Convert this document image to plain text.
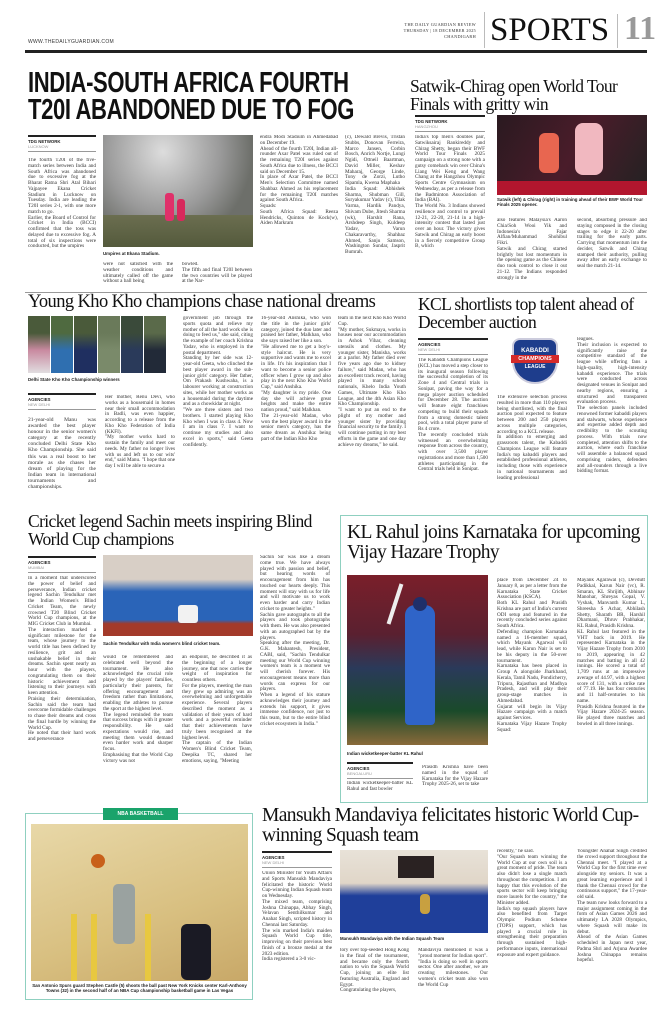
WWW.THEDAILYGUARDIAN.COM
THE DAILY GUARDIAN REVIEW
THURSDAY | 18 DECEMBER 2025
CHANDIGARH SPORTS 11
INDIA-SOUTH AFRICA FOURTH T20I ABANDONED DUE TO FOG
TDG NETWORK
LUCKNOW
The fourth T20I of the five-match series between India and South Africa was abandoned due to excessive fog at the Bharat Ratna Shri Atal Bihari Vajpayee Ekana Cricket Stadium in Lucknow on Tuesday. India are leading the T20I series 2-1, with one more match to go.
Earlier, the Board of Control for Cricket in India (BCCI) confirmed that the toss was delayed due to excessive fog. A total of six inspections were conducted, but the umpires
Umpires at Ekana Stadium.
were not satisfied with the weather conditions and ultimately called off the game without a ball being
bowled.
The fifth and final T20I between the two countries will be played at the Nar-
endra Modi Stadium in Ahmedabad on December 19.
Ahead of the fourth T20I, Indian all-rounder Axar Patel was ruled out of the remaining T20I series against South Africa due to illness, the BCCI said on December 15.
In place of Axar Patel, the BCCI Men's Selection Committee named Shahbaz Ahmed as his replacement for the remaining T20I matches against South Africa.
Squads:
South Africa Squad: Reeza Hendricks, Quinton de Kock(w), Aiden Markram
(c), Dewald Brevis, Tristan Stubbs, Donovan Ferreira, Marco Jansen, Corbin Bosch, Anrich Nortje, Lungi Ngidi, Ottneil Baartman, David Miller, Keshav Maharaj, George Linde, Tony de Zorzi, Lutho Sipamla, Kwena Maphaka
India Squad: Abhishek Sharma, Shubman Gill, Suryakumar Yadav (c), Tilak Varma, Hardik Pandya, Shivam Dube, Jitesh Sharma (wk), Harshit Rana, Arshdeep Singh, Kuldeep Yadav, Varun Chakaravarthy, Shahbaz Ahmed, Sanju Samson, Washington Sundar, Jasprit Bumrah.
Satwik-Chirag open World Tour Finals with gritty win
TDG NETWORK
HANGZHOU
India's top men's doubles pair, Satwiksairaj Rankireddy and Chirag Shetty, began their BWF World Tour Finals 2025 campaign on a strong note with a gutsy comeback win over China's Liang Wei Keng and Wang Chang at the Hangzhou Olympic Sports Centre Gymnasium on Wednesday, as per a release from the Badminton Association of India (BAI).
The World No. 3 Indians showed resilience and control to prevail 12-21, 22-20, 21-14 in a high-intensity contest that lasted just over an hour. The victory gives Satwik and Chirag an early boost in a fiercely competitive Group B, which
Satwik (left) & Chirag (right) in training ahead of their BWF World Tour Finals 2025 opener.
also features Malaysia's Aaron Chia/Soh Wooi Yik and Indonesia's Fajar Alfian/Muhammad Shohibul Fikri.
Satwik and Chirag started brightly but lost momentum in the opening game as the Chinese duo took control to close it out 21-12. The Indians responded strongly in the
second, absorbing pressure and staying composed in the closing stages to edge it 22-20 after trailing for the early parts. Carrying that momentum into the decider, Satwik and Chirag stamped their authority, pulling away after an early exchange to seal the match 21-14.
Young Kho Kho champions chase national dreams
Delhi State Kho Kho Championship winners
AGENCIES
NEW DELHI
21-year-old Manu was awarded the best player honour in the senior women's category at the recently concluded Delhi State Kho Kho Championship. She said this was a real boost to her morale as she chases her dream of playing for the Indian team in international tournaments and championships.
Her mother, Renu Devi, who works as a housemaid in homes near their small accommodation in Badli, was even happier, according to a release from the Kho Kho Federation of India (KKFI).
"My mother works hard to sustain the family and meet our needs. My father no longer lives with us and left us to our wits' end," said Manu. "I hope that one day I will be able to secure a
government job through the sports quota and relieve my mother of all the hard work she is doing to feed us," she said, citing the example of her coach Krishna Yadav, who is employed in the postal department.
Standing by her side was 12-year-old Geeta, who clinched the best player award in the sub-junior girls' category. Her father, Om Prakash Kushwaha, is a labourer working at construction sites, while her mother works as a housemaid during the daytime and as a chowkidar at night.
"We are three sisters and two brothers. I started playing Kho Kho when I was in class 4. Now I am in class 7. I want to continue my studies and also excel in sports," said Geeta confidently.
16-year-old Anshika, who won the title in the junior girls' category, joined the duo later and praised her father, Malkhan, who she says raised her like a son.
"He allowed me to get a boy's-style haircut. He is very supportive and wants me to excel in life. It's his inspiration that I want to become a senior police officer when I grow up and also play in the next Kho Kho World Cup," said Anshika.
"My daughter is my pride. One day she will achieve great heights and make the entire nation proud," said Malkhan.
The 21-year-old Madan, who won the best player award in the senior men's category, has the same dream as Anshika: being part of the Indian Kho Kho
team in the next Kho Kho World Cup.
"My mother, Sukmaya, works in houses near our accommodation in Ashok Vihar, cleaning utensils and clothes. My younger sister, Manisha, works at a parlor. My father died over five years ago due to kidney failure," said Madan, who has an excellent track record, having played in many school nationals, Khelo India Youth Games, Ultimate Kho Kho League, and the 4th Asian Kho Kho Championship.
"I want to put an end to the plight of my mother and younger sister by providing financial security to the family. I will continue putting in my best efforts in the game and one day achieve my dreams," he said.
KCL shortlists top talent ahead of December auction
AGENCIES
NEW DELHI
The Kabaddi Champions League (KCL) has moved a step closer to its inaugural season following the successful completion of its Zone 4 and Central trials in Sonipat, paving the way for a mega player auction scheduled for December 28. The auction will feature eight franchises competing to build their squads from a strong domestic talent pool, with a total player purse of Rs 4 crore.
The recently concluded trials witnessed an overwhelming response from across the country, with over 3,500 player registrations and more than 1,500 athletes participating in the Central trials held in Sonipat.
KABADDI
CHAMPIONS
LEAGUE
The extensive selection process resulted in more than 110 players being shortlisted, with the final auction pool expected to feature between 200 and 250 players across multiple categories, according to a KCL release.
In addition to emerging and grassroots talent, the Kabaddi Champions League will feature India's top kabaddi players and established professional athletes, including those with experience in national tournaments and leading professional
leagues.
Their inclusion is expected to significantly raise the competitive standard of the league while offering fans a high-quality, high-intensity kabaddi experience. The trials were conducted across designated venues in Sonipat and nearby regions, ensuring a structured and transparent evaluation process.
The selection panels included renowned former kabaddi players and stalwarts, whose experience and expertise added depth and credibility to the scouting process. With trials now completed, attention shifts to the auction, where each franchise will assemble a balanced squad comprising raiders, defenders and all-rounders through a live bidding format.
Cricket legend Sachin meets inspiring Blind World Cup champions
AGENCIES
MUMBAI
In a moment that underscored the power of belief and perseverance, Indian cricket legend Sachin Tendulkar met the Indian Women's Blind Cricket Team, the newly crowned T20 Blind Cricket World Cup champions, at the MIG Cricket Club in Mumbai.
The interaction marked a significant milestone for the team, whose journey to the world title has been defined by resilience, grit and an unshakable belief in their dreams. Sachin spent nearly an hour with the players, congratulating them on their historic achievement and listening to their journeys with keen attention.
Praising their determination, Sachin said the team had overcome formidable challenges to chase their dreams and cross the final hurdle by winning the World Cup.
He noted that their hard work and perseverance
Sachin Tendulkar with India women's blind cricket team.
would be remembered and celebrated well beyond the tournament. He also acknowledged the crucial role played by the players' families, particularly their parents, for offering encouragement and freedom rather than limitations, enabling the athletes to pursue the sport at the highest level.
The legend reminded the team that success brings with it greater responsibility. He said expectations would rise, and meeting them would demand even harder work and sharper focus.
Emphasising that the World Cup victory was not
an endpoint, he described it as the beginning of a longer journey, one that now carries the weight of inspiration for countless others.
For the players, meeting the man they grew up admiring was an overwhelming and unforgettable experience. Several players described the moment as a validation of their years of hard work and a powerful reminder that their achievements have truly been recognised at the highest level.
The captain of the Indian Women's Blind Cricket Team, Deepika TC, shared her emotions, saying, "Meeting
Sachin Sir was like a dream come true. We have always played with passion and belief, but hearing words of encouragement from him has touched our hearts deeply. This moment will stay with us for life and will motivate us to work even harder and carry Indian cricket to greater heights."
Sachin gave autographs to all the players and took photographs with them. He was also presented with an autographed bat by the players.
Speaking after the meeting, Dr. G.K. Mahantesh, President, CABI, said, "Sachin Tendulkar meeting our World Cup winning women's team is a moment we will cherish forever. His encouragement means more than words can express for our players.
When a legend of his stature acknowledges their journey and extends his support, it gives immense confidence, not just to this team, but to the entire blind cricket ecosystem in India."
KL Rahul joins Karnataka for upcoming Vijay Hazare Trophy
Indian wicketkeeper-batter KL Rahul
AGENCIES
BENGALURU
Indian wicketkeeper-batter KL Rahul and fast bowler
Prasidh Krishna have been named in the squad of Karnataka for the Vijay Hazare Trophy 2025-26, set to take
place from December 24 to January 8, as per a letter from the Karnataka State Cricket Association (KSCA).
Both KL Rahul and Prasidh Krishna are part of India's current ODI setup and featured in the recently concluded series against South Africa.
Defending champion Karnataka named a 16-member squad, which Mayank Agarwal will lead, while Karun Nair is set to be his deputy in the 50-over tournament.
Karnataka has been placed in Group A alongside Jharkhand, Kerala, Tamil Nadu, Pondicherry, Tripura, Rajasthan and Madhya Pradesh, and will play their group-stage matches in Ahmedabad.
Gujarat will begin its Vijay Hazare campaign with a match against Services.
Karnataka Vijay Hazare Trophy Squad:
Mayank Agarawal (c), Devdutt Padikkal, Karun Nair (vc), R. Smaran, KL Shrijith, Abhinav Manohar, Shreyas Gopal, V. Vyshak, Manvanth Kumar L, Shreesha S Achar, Abhilash Shetty, Sharath BR, Harshil Dharmani, Dhruv Prabhakar, KL Rahul, Prasidh Krishna.
KL Rahul last featured in the VHT back in 2019. He represented Karnataka in the Vijay Hazare Trophy from 2010 to 2019, appearing in 42 matches and batting in all 42 innings. He scored a total of 1,709 runs at an impressive average of 44.97, with a highest score of 131, with a strike rate of 77.19. He has four centuries and 11 half-centuries to his name.
Prasidh Krishna featured in the Vijay Hazare 2024-25 season. He played three matches and bowled in all three innings.
NBA BASKETBALL
San Antonio Spurs guard Stephen Castle (5) shoots the ball past New York Knicks center Karl-Anthony Towns (32) in the second half of an NBA Cup championship basketball game in Las Vegas
Mansukh Mandaviya felicitates historic World Cup-winning Squash team
AGENCIES
NEW DELHI
Union Minister for Youth Affairs and Sports Mansukh Mandaviya felicitated the historic World Cup-winning Indian Squash team on Wednesday.
The mixed team, comprising Joshna Chinappa, Abhay Singh, Velavan Senthilkumar and Anahat Singh, scripted history in Chennai last Saturday.
The win marked India's maiden Squash World Cup title, improving on their previous best finish of a bronze medal at the 2023 edition.
India registered a 3-0 vic-
Mansukh Mandaviya with the Indian Squash Team
tory over top-seeded Hong Kong in the final of the tournament, and became only the fourth nation to win the Squash World Cup, joining an elite list featuring Australia, England and Egypt.
Congratulating the players,
Mandaviya mentioned it was a "proud moment for Indian sport".
"India is doing so well in sports sector. One after another, we are creating milestones. Our women's cricket team also won the World Cup
recently," he said.
"Our Squash team winning the World Cup at our own soil is a great moment of pride. The team also didn't lose a single match throughout the competition. I am happy that this evolution of the sports sector will keep bringing more laurels for the country," the Minister added.
India's top squash players have also benefited from Target Olympic Podium Scheme (TOPS) support, which has played a crucial role in strengthening their preparation through sustained high-performance inputs, international exposure and expert guidance.
Youngster Anahat Singh credited the crowd support throughout the Chennai meet. "I played at a World Cup for the first time ever alongside my seniors. It was a great learning experience and I thank the Chennai crowd for the continuous support," the 17-year-old said.
The team now looks forward to a major assignment coming in the form of Asian Games 2026 and ultimately LA 2028 Olympics, where Squash will make its debut.
Ahead of the Asian Games scheduled in Japan next year, Padma Shri and Arjuna Awardee Joshna Chinappa remains hopeful.
